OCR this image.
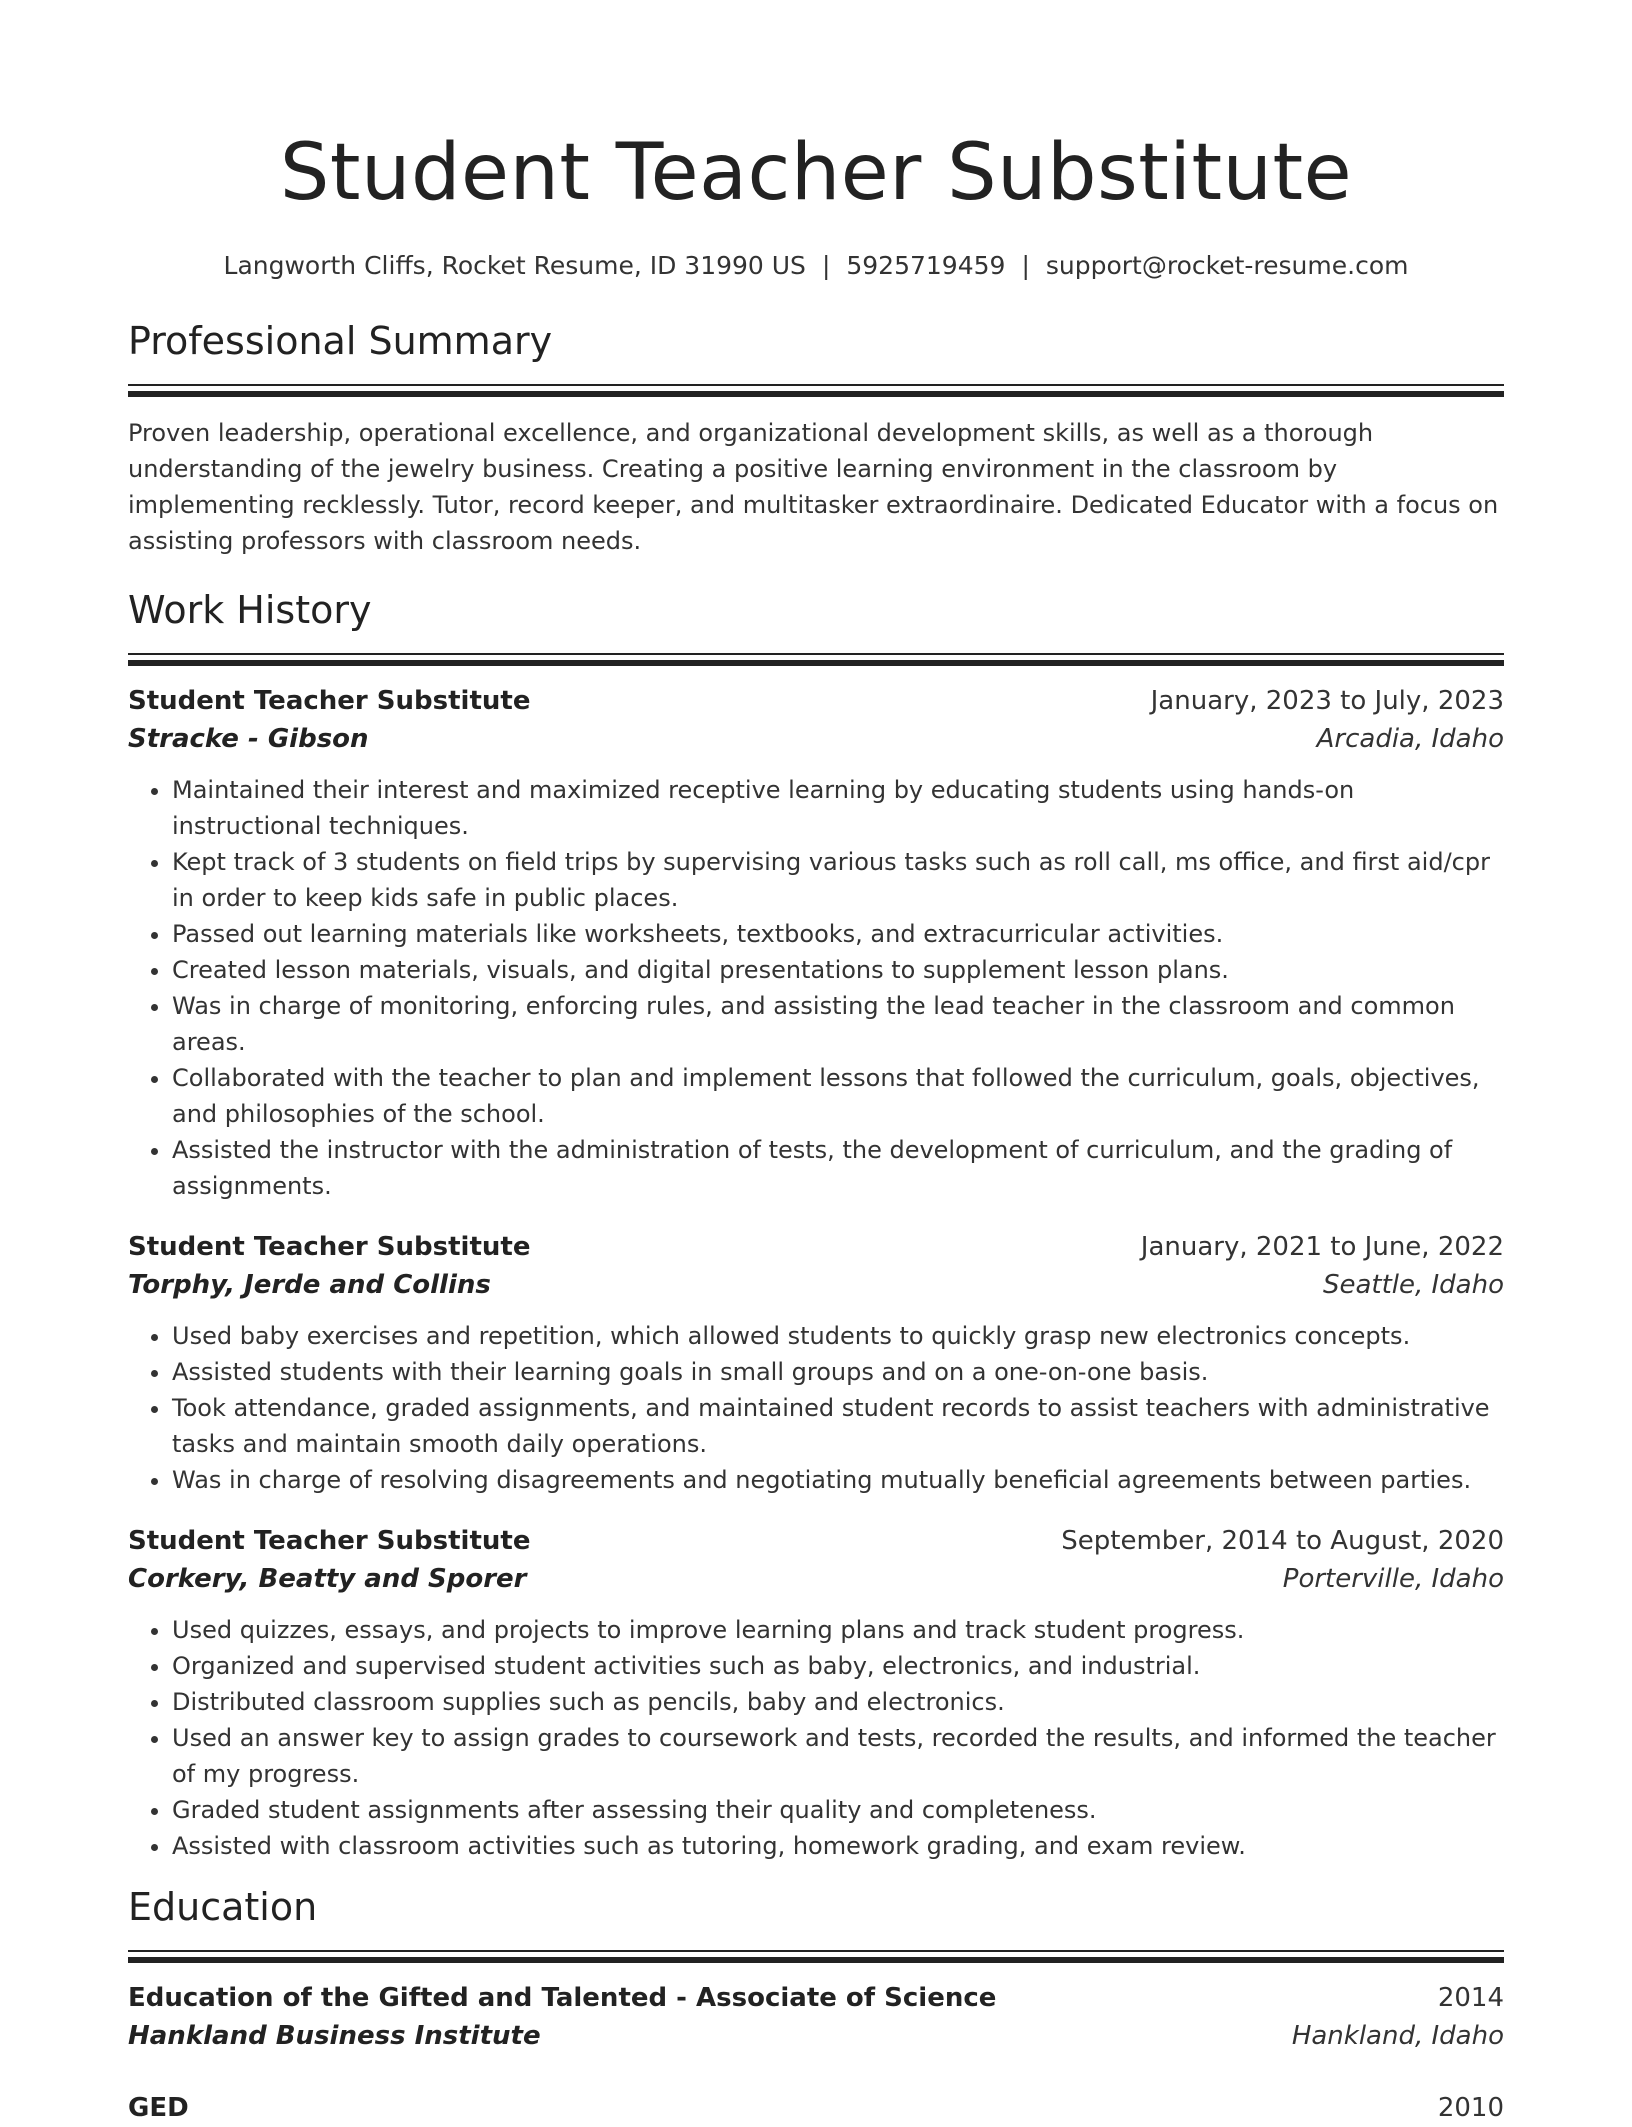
Student Teacher Substitute
Langworth Cliffs, Rocket Resume, ID 31990 US | 5925719459 | support@rocket-resume.com
Professional Summary

Proven leadership, operational excellence, and organizational development skills, as well as a thorough understanding of the jewelry business. Creating a positive learning environment in the classroom by implementing recklessly. Tutor, record keeper, and multitasker extraordinaire. Dedicated Educator with a focus on assisting professors with classroom needs.

Work History
Student Teacher Substitute	January, 2023 to July, 2023
Stracke - Gibson	Arcadia, Idaho
• Maintained their interest and maximized receptive learning by educating students using hands-on instructional techniques.
• Kept track of 3 students on field trips by supervising various tasks such as roll call, ms office, and first aid/cpr in order to keep kids safe in public places.
• Passed out learning materials like worksheets, textbooks, and extracurricular activities.
• Created lesson materials, visuals, and digital presentations to supplement lesson plans.
• Was in charge of monitoring, enforcing rules, and assisting the lead teacher in the classroom and common areas.
• Collaborated with the teacher to plan and implement lessons that followed the curriculum, goals, objectives, and philosophies of the school.
• Assisted the instructor with the administration of tests, the development of curriculum, and the grading of assignments.
Student Teacher Substitute	January, 2021 to June, 2022
Torphy, Jerde and Collins	Seattle, Idaho
• Used baby exercises and repetition, which allowed students to quickly grasp new electronics concepts.
• Assisted students with their learning goals in small groups and on a one-on-one basis.
• Took attendance, graded assignments, and maintained student records to assist teachers with administrative tasks and maintain smooth daily operations.
• Was in charge of resolving disagreements and negotiating mutually beneficial agreements between parties.
Student Teacher Substitute	September, 2014 to August, 2020
Corkery, Beatty and Sporer	Porterville, Idaho
• Used quizzes, essays, and projects to improve learning plans and track student progress.
• Organized and supervised student activities such as baby, electronics, and industrial.
• Distributed classroom supplies such as pencils, baby and electronics.
• Used an answer key to assign grades to coursework and tests, recorded the results, and informed the teacher of my progress.
• Graded student assignments after assessing their quality and completeness.
• Assisted with classroom activities such as tutoring, homework grading, and exam review.
Education
Education of the Gifted and Talented - Associate of Science	2014
Hankland Business Institute	Hankland, Idaho
GED	2010
